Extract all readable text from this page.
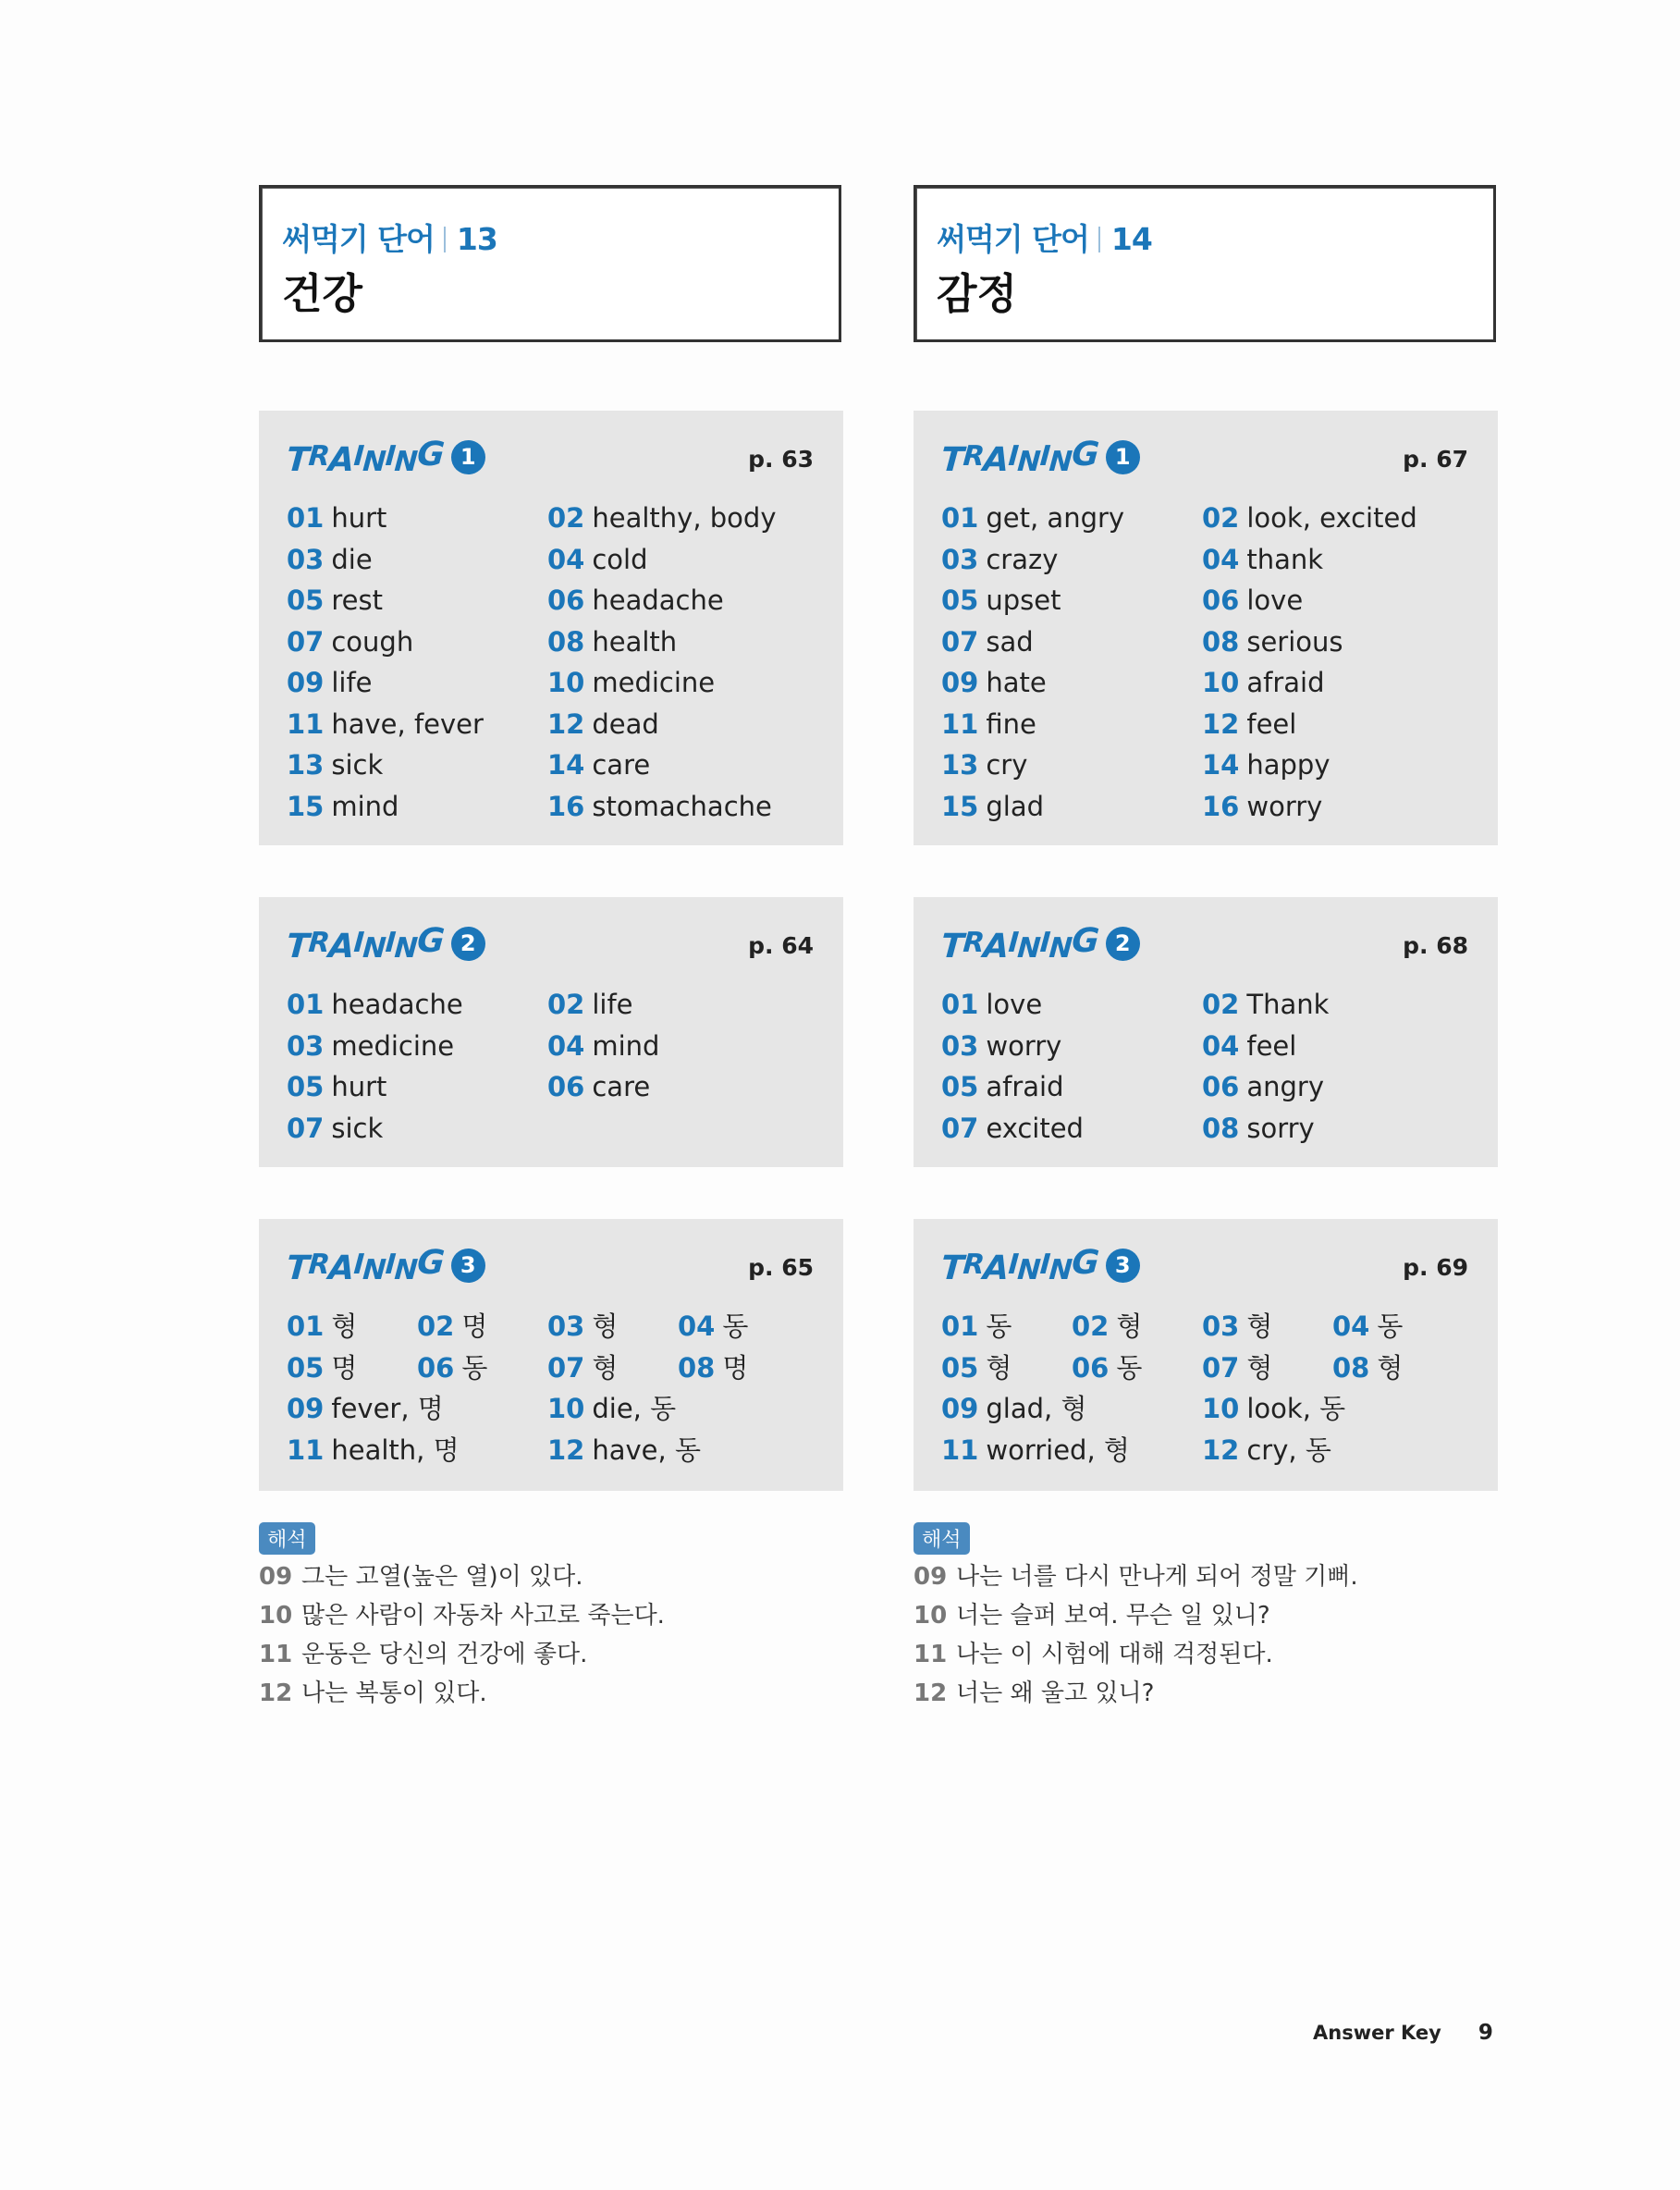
써먹기 단어 13
건강
TRAINING 1	p. 63
01 hurt	02 healthy, body
03 die	04 cold
05 rest	06 headache
07 cough	08 health
09 life	10 medicine
11 have, fever 12 dead
13 sick	14 care
15 mind	16 stomachache
TRAINING 2	p. 64
01 headache	02 life
03 medicine	04 mind
05 hurt	06 care
07 sick
TRAINING 3	p. 65
01 형 02 명 03 형 04 동
05 명 06 동 07 형 08 명
09 fever, 명	10 die, 동
11 health, 명	12 have, 동
해석
09 그는 고열(높은 열)이 있다.
10 많은 사람이 자동차 사고로 죽는다.
11 운동은 당신의 건강에 좋다.
12 나는 복통이 있다.
써먹기 단어 14
감정
TRAINING 1	p. 67
01 get, angry	02 look, excited
03 crazy	04 thank
05 upset	06 love
07 sad	08 serious
09 hate	10 afraid
11 fine	12 feel
13 cry	14 happy
15 glad	16 worry
TRAINING 2	p. 68
01 love	02 Thank
03 worry	04 feel
05 afraid	06 angry
07 excited	08 sorry
TRAINING 3	p. 69
01 동 02 형 03 형 04 동
05 형 06 동 07 형 08 형
09 glad, 형	10 look, 동
11 worried, 형	12 cry, 동
해석
09 나는 너를 다시 만나게 되어 정말 기뻐.
10 너는 슬퍼 보여. 무슨 일 있니?
11 나는 이 시험에 대해 걱정된다.
12 너는 왜 울고 있니?
Answer Key 9
